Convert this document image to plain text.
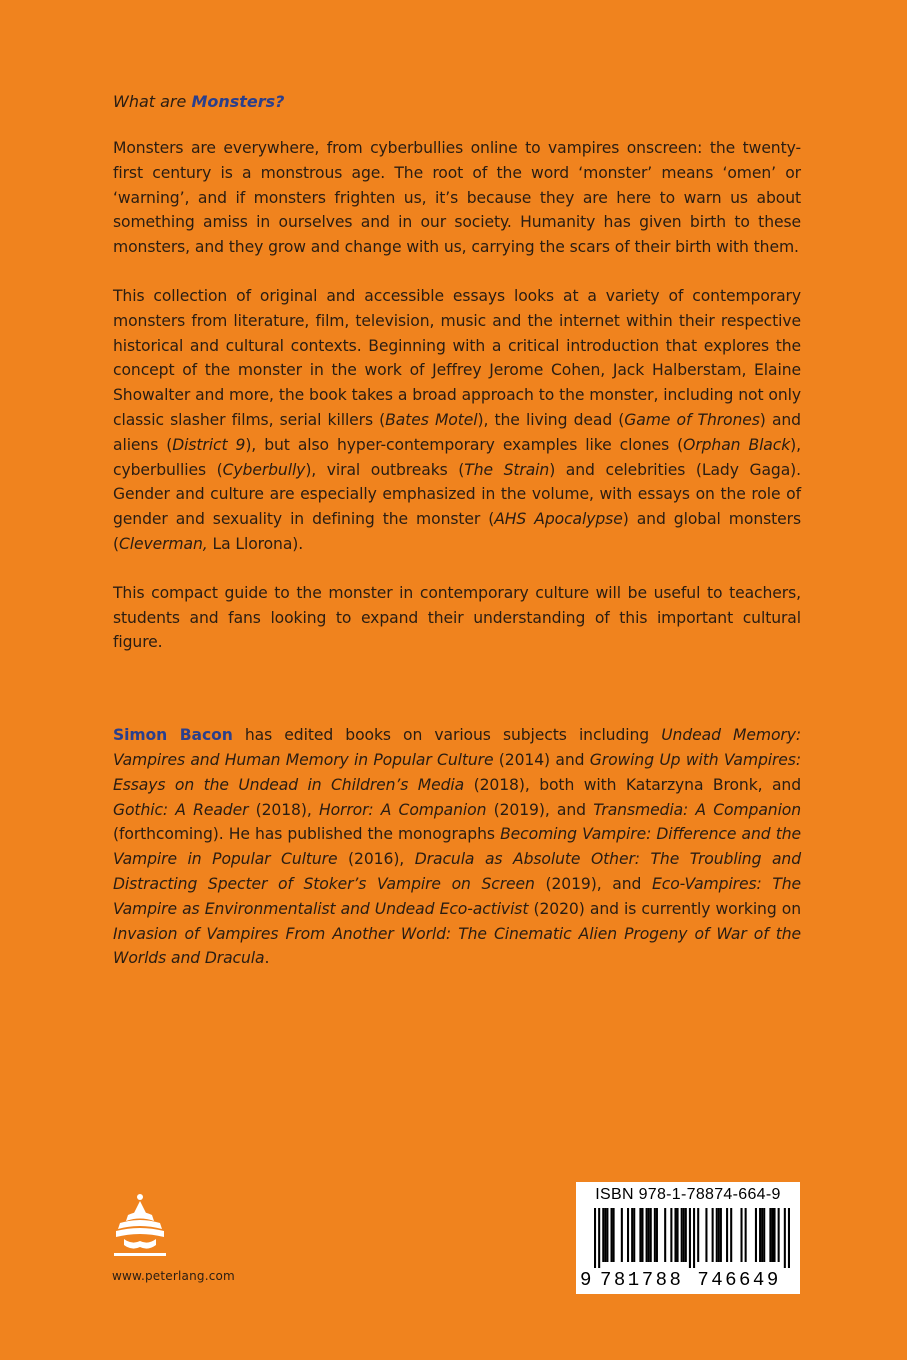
What are Monsters?

Monsters are everywhere, from cyberbullies online to vampires onscreen: the twenty-first century is a monstrous age. The root of the word ‘monster’ means ‘omen’ or ‘warning’, and if monsters frighten us, it’s because they are here to warn us about something amiss in ourselves and in our society. Humanity has given birth to these monsters, and they grow and change with us, carrying the scars of their birth with them.

This collection of original and accessible essays looks at a variety of contemporary monsters from literature, film, television, music and the internet within their respective historical and cultural contexts. Beginning with a critical introduction that explores the concept of the monster in the work of Jeffrey Jerome Cohen, Jack Halberstam, Elaine Showalter and more, the book takes a broad approach to the monster, including not only classic slasher films, serial killers (Bates Motel), the living dead (Game of Thrones) and aliens (District 9), but also hyper-contemporary examples like clones (Orphan Black), cyberbullies (Cyberbully), viral outbreaks (The Strain) and celebrities (Lady Gaga). Gender and culture are especially emphasized in the volume, with essays on the role of gender and sexuality in defining the monster (AHS Apocalypse) and global monsters (Cleverman, La Llorona).

This compact guide to the monster in contemporary culture will be useful to teachers, students and fans looking to expand their understanding of this important cultural figure.

Simon Bacon has edited books on various subjects including Undead Memory: Vampires and Human Memory in Popular Culture (2014) and Growing Up with Vampires: Essays on the Undead in Children’s Media (2018), both with Katarzyna Bronk, and Gothic: A Reader (2018), Horror: A Companion (2019), and Transmedia: A Companion (forthcoming). He has published the monographs Becoming Vampire: Difference and the Vampire in Popular Culture (2016), Dracula as Absolute Other: The Troubling and Distracting Specter of Stoker’s Vampire on Screen (2019), and Eco-Vampires: The Vampire as Environmentalist and Undead Eco-activist (2020) and is currently working on Invasion of Vampires From Another World: The Cinematic Alien Progeny of War of the Worlds and Dracula.

www.peterlang.com
ISBN 978-1-78874-664-9
9 781788 746649
